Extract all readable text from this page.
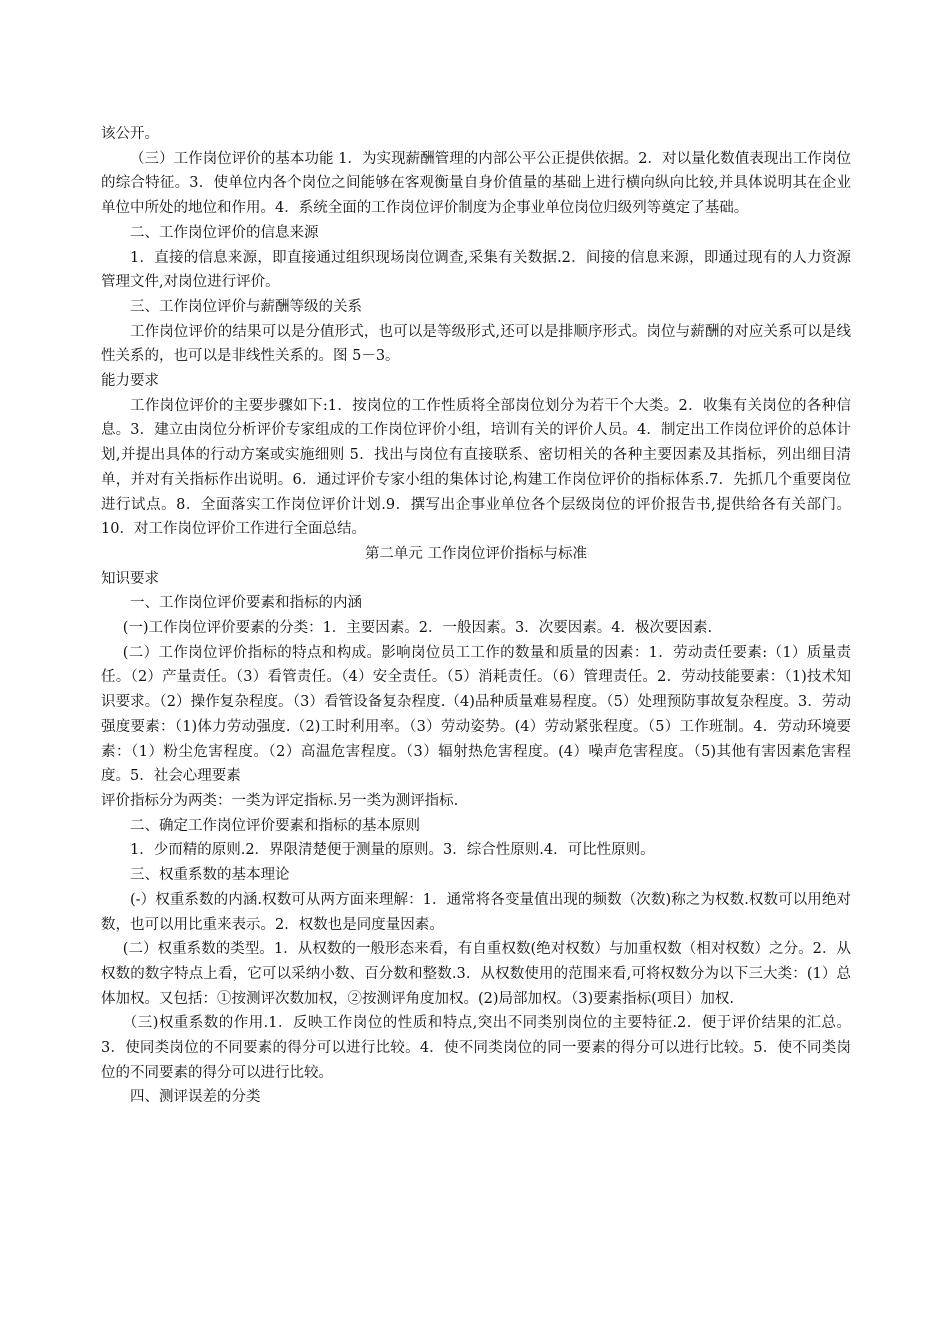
该公开。

（三）工作岗位评价的基本功能 1．为实现薪酬管理的内部公平公正提供依据。2．对以量化数值表现出工作岗位的综合特征。3．使单位内各个岗位之间能够在客观衡量自身价值量的基础上进行横向纵向比较,并具体说明其在企业单位中所处的地位和作用。4．系统全面的工作岗位评价制度为企事业单位岗位归级列等奠定了基础。

二、工作岗位评价的信息来源

1．直接的信息来源，即直接通过组织现场岗位调查,采集有关数据.2．间接的信息来源，即通过现有的人力资源管理文件,对岗位进行评价。

三、工作岗位评价与薪酬等级的关系

工作岗位评价的结果可以是分值形式，也可以是等级形式,还可以是排顺序形式。岗位与薪酬的对应关系可以是线性关系的，也可以是非线性关系的。图 5－3。

能力要求

工作岗位评价的主要步骤如下:1．按岗位的工作性质将全部岗位划分为若干个大类。2．收集有关岗位的各种信息。3．建立由岗位分析评价专家组成的工作岗位评价小组，培训有关的评价人员。4．制定出工作岗位评价的总体计划,并提出具体的行动方案或实施细则 5．找出与岗位有直接联系、密切相关的各种主要因素及其指标，列出细目清单，并对有关指标作出说明。6．通过评价专家小组的集体讨论,构建工作岗位评价的指标体系.7．先抓几个重要岗位进行试点。8．全面落实工作岗位评价计划.9．撰写出企事业单位各个层级岗位的评价报告书,提供给各有关部门。10．对工作岗位评价工作进行全面总结。

第二单元 工作岗位评价指标与标准

知识要求

一、工作岗位评价要素和指标的内涵

(一)工作岗位评价要素的分类：1．主要因素。2．一般因素。3．次要因素。4．极次要因素.

(二）工作岗位评价指标的特点和构成。影响岗位员工工作的数量和质量的因素：1．劳动责任要素:（1）质量责任。（2）产量责任。（3）看管责任。（4）安全责任。（5）消耗责任。（6）管理责任。2．劳动技能要素：（1)技术知识要求。（2）操作复杂程度。（3）看管设备复杂程度.（4)品种质量难易程度。（5）处理预防事故复杂程度。3．劳动强度要素：（1)体力劳动强度.（2)工时利用率。（3）劳动姿势。(4）劳动紧张程度。（5）工作班制。4．劳动环境要素：（1）粉尘危害程度。（2）高温危害程度。（3）辐射热危害程度。(4）噪声危害程度。（5)其他有害因素危害程度。5．社会心理要素

评价指标分为两类：一类为评定指标.另一类为测评指标.

二、确定工作岗位评价要素和指标的基本原则

1．少而精的原则.2．界限清楚便于测量的原则。3．综合性原则.4．可比性原则。

三、权重系数的基本理论

(-）权重系数的内涵.权数可从两方面来理解：1．通常将各变量值出现的频数（次数)称之为权数.权数可以用绝对数，也可以用比重来表示。2．权数也是同度量因素。

(二）权重系数的类型。1．从权数的一般形态来看，有自重权数(绝对权数）与加重权数（相对权数）之分。2．从权数的数字特点上看，它可以采纳小数、百分数和整数.3．从权数使用的范围来看,可将权数分为以下三大类：(1）总体加权。又包括：①按测评次数加权，②按测评角度加权。(2)局部加权。（3)要素指标(项目）加权.

（三)权重系数的作用.1．反映工作岗位的性质和特点,突出不同类别岗位的主要特征.2．便于评价结果的汇总。3．使同类岗位的不同要素的得分可以进行比较。4．使不同类岗位的同一要素的得分可以进行比较。5．使不同类岗位的不同要素的得分可以进行比较。

四、测评误差的分类
